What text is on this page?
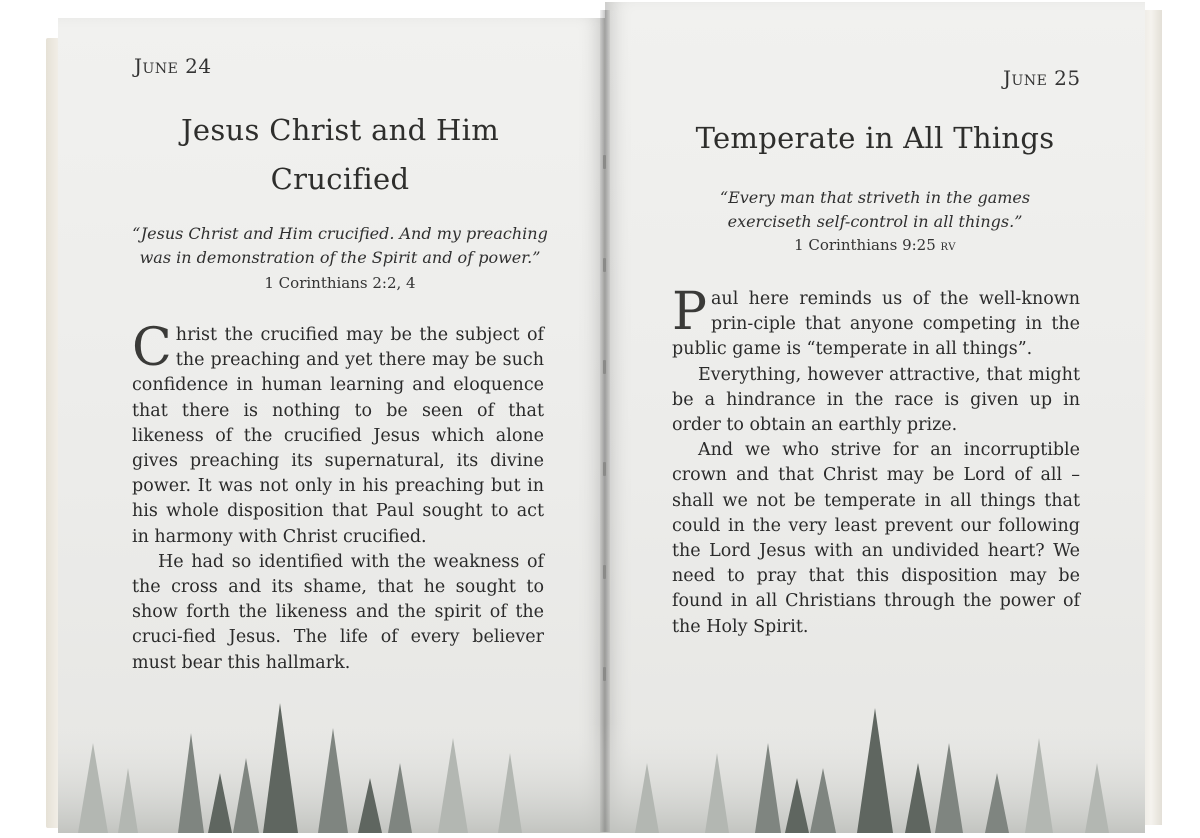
June 24
Jesus Christ and Him
Crucified
“Jesus Christ and Him crucified. And my preaching
was in demonstration of the Spirit and of power.”
1 Corinthians 2:2, 4

Christ the crucified may be the subject of the preaching and yet there may be such confidence in human learning and eloquence that there is nothing to be seen of that likeness of the crucified Jesus which alone gives preaching its supernatural, its divine power. It was not only in his preaching but in his whole disposition that Paul sought to act in harmony with Christ crucified.

He had so identified with the weakness of the cross and its shame, that he sought to show forth the likeness and the spirit of the cruci-fied Jesus. The life of every believer must bear this hallmark.

June 25
Temperate in All Things
“Every man that striveth in the games
exerciseth self-control in all things.”
1 Corinthians 9:25 RV

Paul here reminds us of the well-known prin-ciple that anyone competing in the public game is “temperate in all things”.

Everything, however attractive, that might be a hindrance in the race is given up in order to obtain an earthly prize.

And we who strive for an incorruptible crown and that Christ may be Lord of all – shall we not be temperate in all things that could in the very least prevent our following the Lord Jesus with an undivided heart? We need to pray that this disposition may be found in all Christians through the power of the Holy Spirit.
